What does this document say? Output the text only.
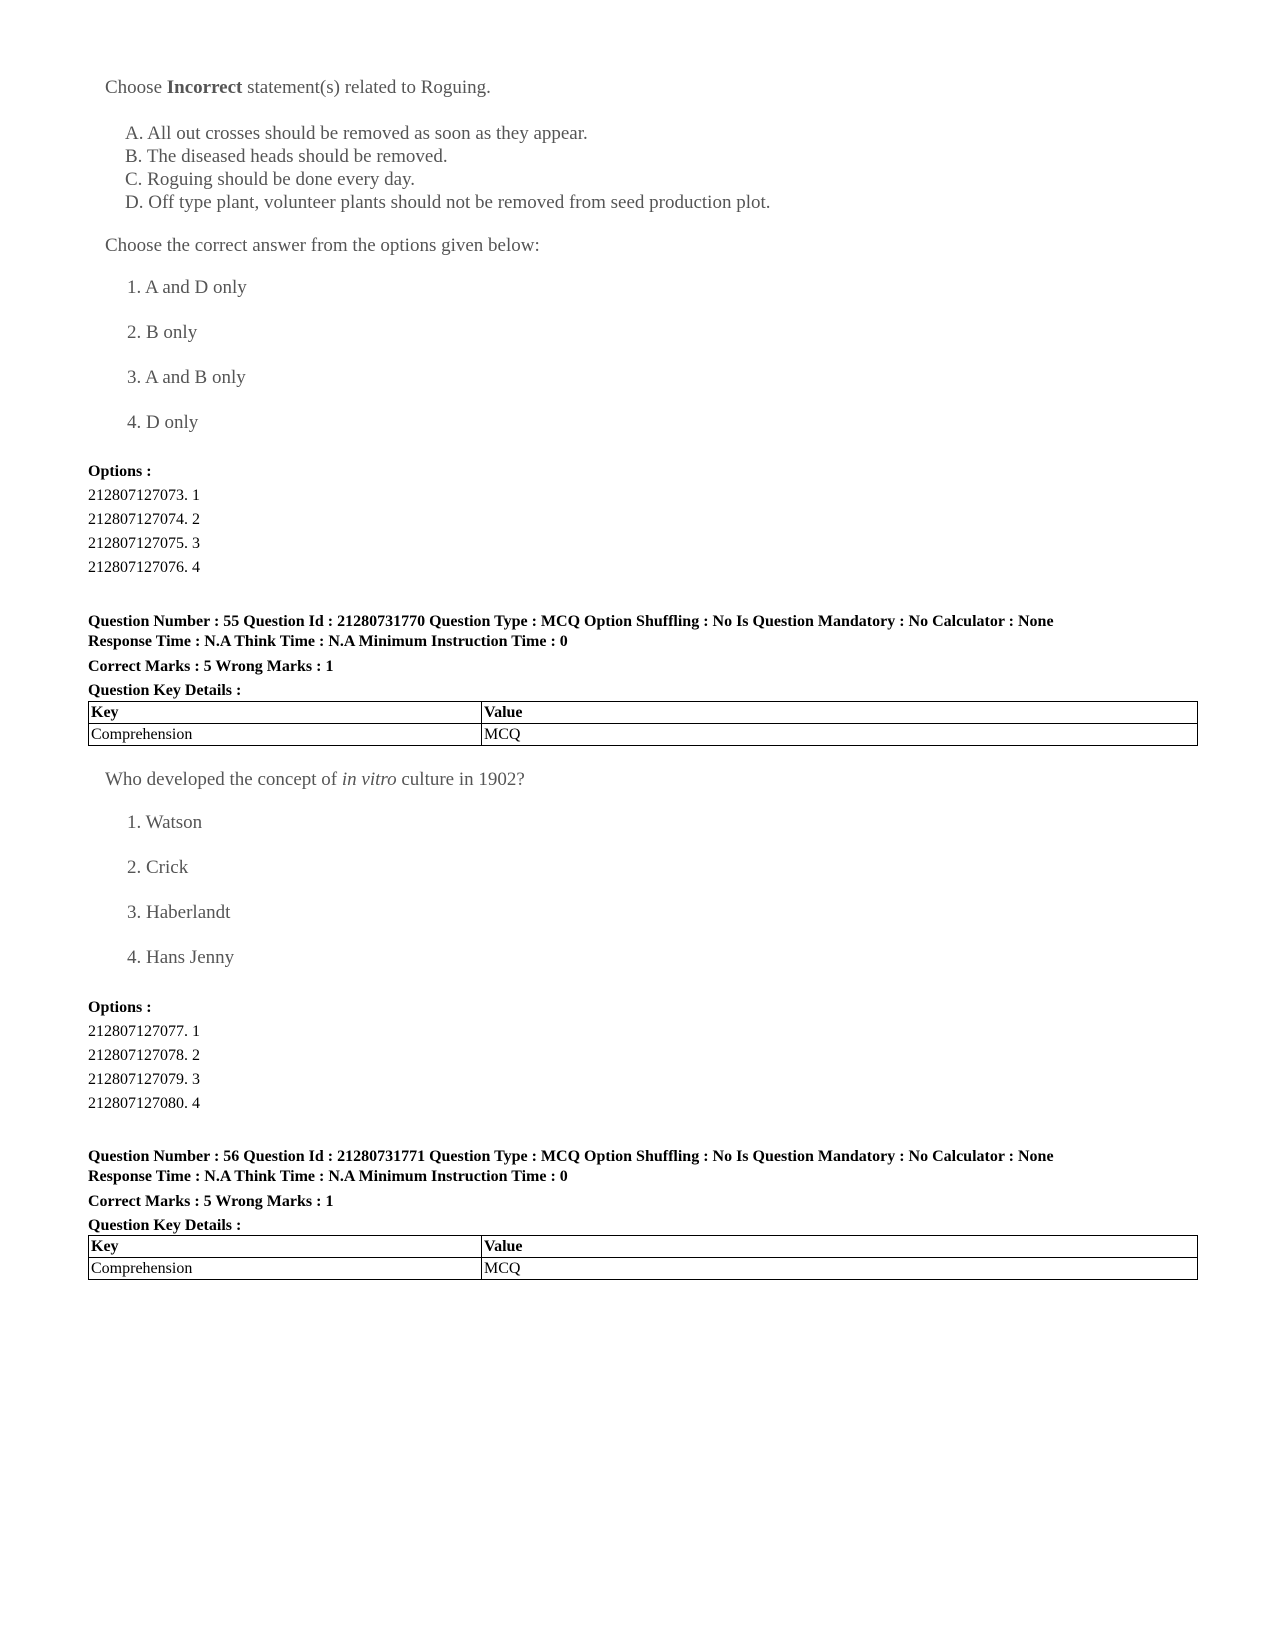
Choose Incorrect statement(s) related to Roguing.
A. All out crosses should be removed as soon as they appear.
B. The diseased heads should be removed.
C. Roguing should be done every day.
D. Off type plant, volunteer plants should not be removed from seed production plot.
Choose the correct answer from the options given below:
1. A and D only
2. B only
3. A and B only
4. D only
Options :
212807127073. 1
212807127074. 2
212807127075. 3
212807127076. 4
Question Number : 55 Question Id : 21280731770 Question Type : MCQ Option Shuffling : No Is Question Mandatory : No Calculator : None
Response Time : N.A Think Time : N.A Minimum Instruction Time : 0
Correct Marks : 5 Wrong Marks : 1
Question Key Details :
Key	Value
Comprehension	MCQ
Who developed the concept of in vitro culture in 1902?
1. Watson
2. Crick
3. Haberlandt
4. Hans Jenny
Options :
212807127077. 1
212807127078. 2
212807127079. 3
212807127080. 4
Question Number : 56 Question Id : 21280731771 Question Type : MCQ Option Shuffling : No Is Question Mandatory : No Calculator : None
Response Time : N.A Think Time : N.A Minimum Instruction Time : 0
Correct Marks : 5 Wrong Marks : 1
Question Key Details :
Key	Value
Comprehension	MCQ
